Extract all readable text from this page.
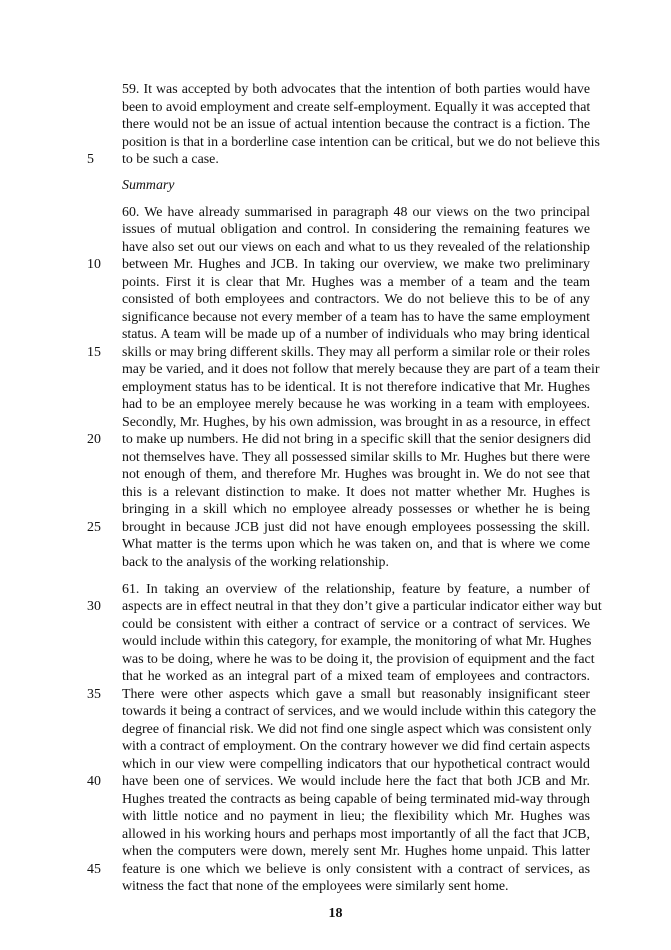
59. It was accepted by both advocates that the intention of both parties would have
been to avoid employment and create self-employment. Equally it was accepted that
there would not be an issue of actual intention because the contract is a fiction. The
position is that in a borderline case intention can be critical, but we do not believe this
to be such a case.
Summary
60. We have already summarised in paragraph 48 our views on the two principal
issues of mutual obligation and control. In considering the remaining features we
have also set out our views on each and what to us they revealed of the relationship
between Mr. Hughes and JCB. In taking our overview, we make two preliminary
points. First it is clear that Mr. Hughes was a member of a team and the team
consisted of both employees and contractors. We do not believe this to be of any
significance because not every member of a team has to have the same employment
status. A team will be made up of a number of individuals who may bring identical
skills or may bring different skills. They may all perform a similar role or their roles
may be varied, and it does not follow that merely because they are part of a team their
employment status has to be identical. It is not therefore indicative that Mr. Hughes
had to be an employee merely because he was working in a team with employees.
Secondly, Mr. Hughes, by his own admission, was brought in as a resource, in effect
to make up numbers. He did not bring in a specific skill that the senior designers did
not themselves have. They all possessed similar skills to Mr. Hughes but there were
not enough of them, and therefore Mr. Hughes was brought in. We do not see that
this is a relevant distinction to make. It does not matter whether Mr. Hughes is
bringing in a skill which no employee already possesses or whether he is being
brought in because JCB just did not have enough employees possessing the skill.
What matter is the terms upon which he was taken on, and that is where we come
back to the analysis of the working relationship.
61. In taking an overview of the relationship, feature by feature, a number of
aspects are in effect neutral in that they don’t give a particular indicator either way but
could be consistent with either a contract of service or a contract of services. We
would include within this category, for example, the monitoring of what Mr. Hughes
was to be doing, where he was to be doing it, the provision of equipment and the fact
that he worked as an integral part of a mixed team of employees and contractors.
There were other aspects which gave a small but reasonably insignificant steer
towards it being a contract of services, and we would include within this category the
degree of financial risk. We did not find one single aspect which was consistent only
with a contract of employment. On the contrary however we did find certain aspects
which in our view were compelling indicators that our hypothetical contract would
have been one of services. We would include here the fact that both JCB and Mr.
Hughes treated the contracts as being capable of being terminated mid-way through
with little notice and no payment in lieu; the flexibility which Mr. Hughes was
allowed in his working hours and perhaps most importantly of all the fact that JCB,
when the computers were down, merely sent Mr. Hughes home unpaid. This latter
feature is one which we believe is only consistent with a contract of services, as
witness the fact that none of the employees were similarly sent home.
5
10
15
20
25
30
35
40
45
18
